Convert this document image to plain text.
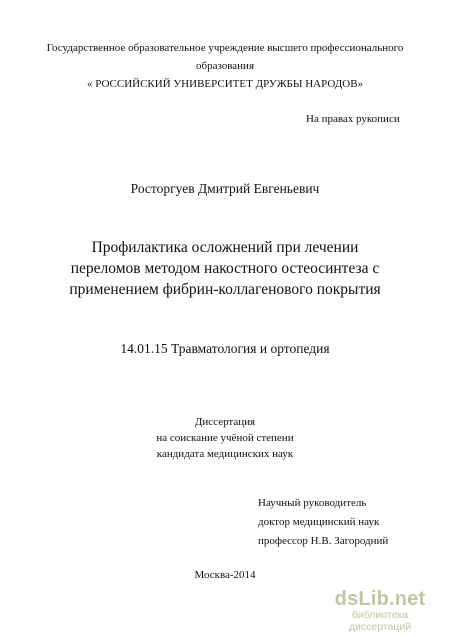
Государственное образовательное учреждение высшего профессионального
образования
« РОССИЙСКИЙ УНИВЕРСИТЕТ ДРУЖБЫ НАРОДОВ»
На правах рукописи
Росторгуев Дмитрий Евгеньевич
Профилактика осложнений при лечении
переломов методом накостного остеосинтеза с
применением фибрин-коллагенового покрытия
14.01.15 Травматология и ортопедия
Диссертация
на соискание учёной степени
кандидата медицинских наук
Научный руководитель
доктор медицинский наук
профессор Н.В. Загородний
Москва-2014
dsLib.net
библиотека диссертаций
